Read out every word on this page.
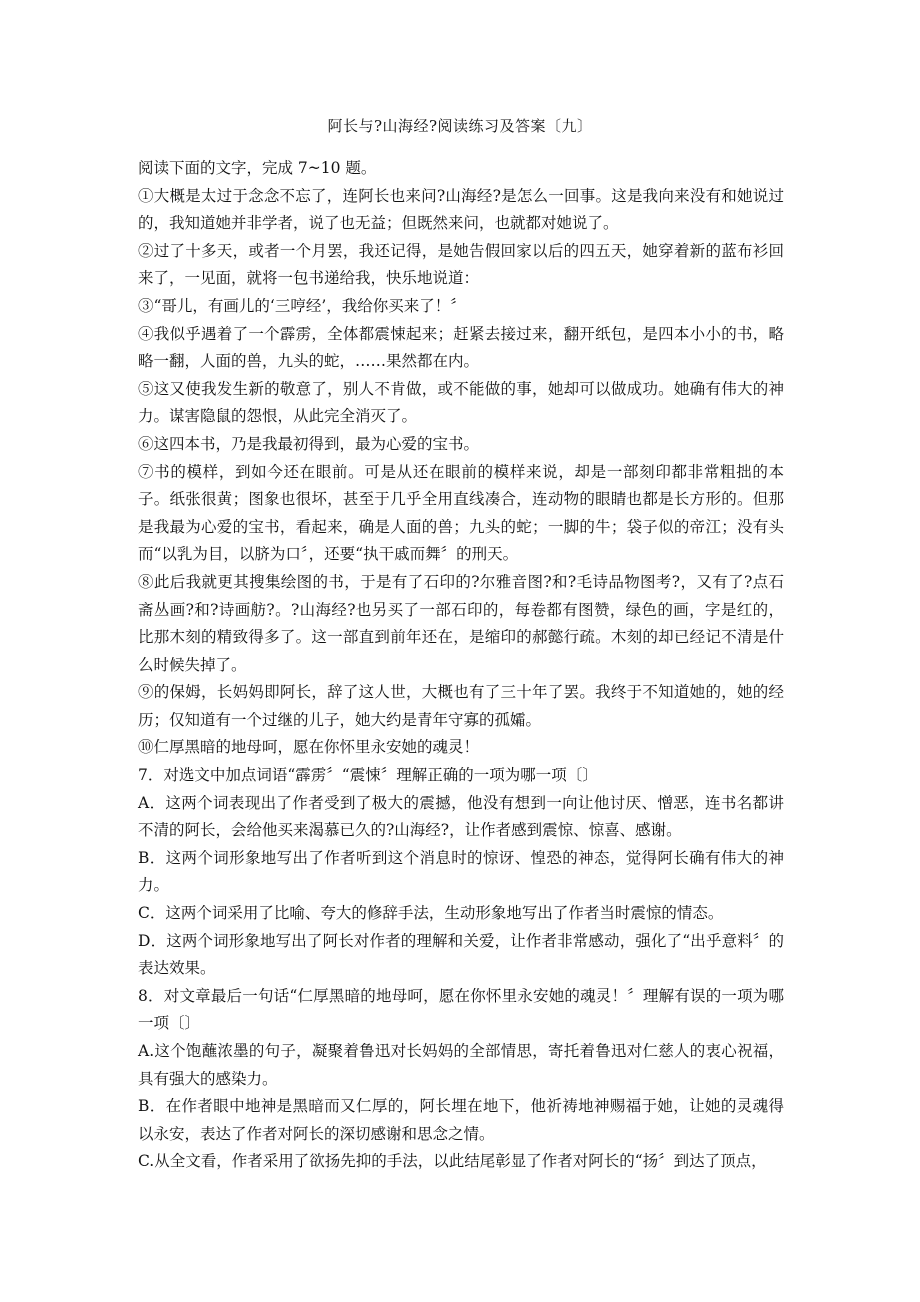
阿长与?山海经?阅读练习及答案〔九〕

阅读下面的文字，完成 7~10 题。

①大概是太过于念念不忘了，连阿长也来问?山海经?是怎么一回事。这是我向来没有和她说过的，我知道她并非学者，说了也无益；但既然来问，也就都对她说了。

②过了十多天，或者一个月罢，我还记得，是她告假回家以后的四五天，她穿着新的蓝布衫回来了，一见面，就将一包书递给我，快乐地说道：

③“哥儿，有画儿的‘三哼经’，我给你买来了！〞

④我似乎遇着了一个霹雳，全体都震悚起来；赶紧去接过来，翻开纸包，是四本小小的书，略略一翻，人面的兽，九头的蛇，……果然都在内。

⑤这又使我发生新的敬意了，别人不肯做，或不能做的事，她却可以做成功。她确有伟大的神力。谋害隐鼠的怨恨，从此完全消灭了。

⑥这四本书，乃是我最初得到，最为心爱的宝书。

⑦书的模样，到如今还在眼前。可是从还在眼前的模样来说，却是一部刻印都非常粗拙的本子。纸张很黄；图象也很坏，甚至于几乎全用直线凑合，连动物的眼睛也都是长方形的。但那是我最为心爱的宝书，看起来，确是人面的兽；九头的蛇；一脚的牛；袋子似的帝江；没有头而“以乳为目，以脐为口〞，还要“执干戚而舞〞的刑天。

⑧此后我就更其搜集绘图的书，于是有了石印的?尔雅音图?和?毛诗品物图考?，又有了?点石斋丛画?和?诗画舫?。?山海经?也另买了一部石印的，每卷都有图赞，绿色的画，字是红的，比那木刻的精致得多了。这一部直到前年还在，是缩印的郝懿行疏。木刻的却已经记不清是什么时候失掉了。

⑨的保姆，长妈妈即阿长，辞了这人世，大概也有了三十年了罢。我终于不知道她的，她的经历；仅知道有一个过继的儿子，她大约是青年守寡的孤孀。

⑩仁厚黑暗的地母呵，愿在你怀里永安她的魂灵！

7．对选文中加点词语“霹雳〞“震悚〞理解正确的一项为哪一项〔〕

A．这两个词表现出了作者受到了极大的震撼，他没有想到一向让他讨厌、憎恶，连书名都讲不清的阿长，会给他买来渴慕已久的?山海经?，让作者感到震惊、惊喜、感谢。

B．这两个词形象地写出了作者听到这个消息时的惊讶、惶恐的神态，觉得阿长确有伟大的神力。

C．这两个词采用了比喻、夸大的修辞手法，生动形象地写出了作者当时震惊的情态。

D．这两个词形象地写出了阿长对作者的理解和关爱，让作者非常感动，强化了“出乎意料〞的表达效果。

8．对文章最后一句话“仁厚黑暗的地母呵，愿在你怀里永安她的魂灵！〞理解有误的一项为哪一项〔〕

A.这个饱蘸浓墨的句子，凝聚着鲁迅对长妈妈的全部情思，寄托着鲁迅对仁慈人的衷心祝福，具有强大的感染力。

B．在作者眼中地神是黑暗而又仁厚的，阿长埋在地下，他祈祷地神赐福于她，让她的灵魂得以永安，表达了作者对阿长的深切感谢和思念之情。

C.从全文看，作者采用了欲扬先抑的手法，以此结尾彰显了作者对阿长的“扬〞到达了顶点，
